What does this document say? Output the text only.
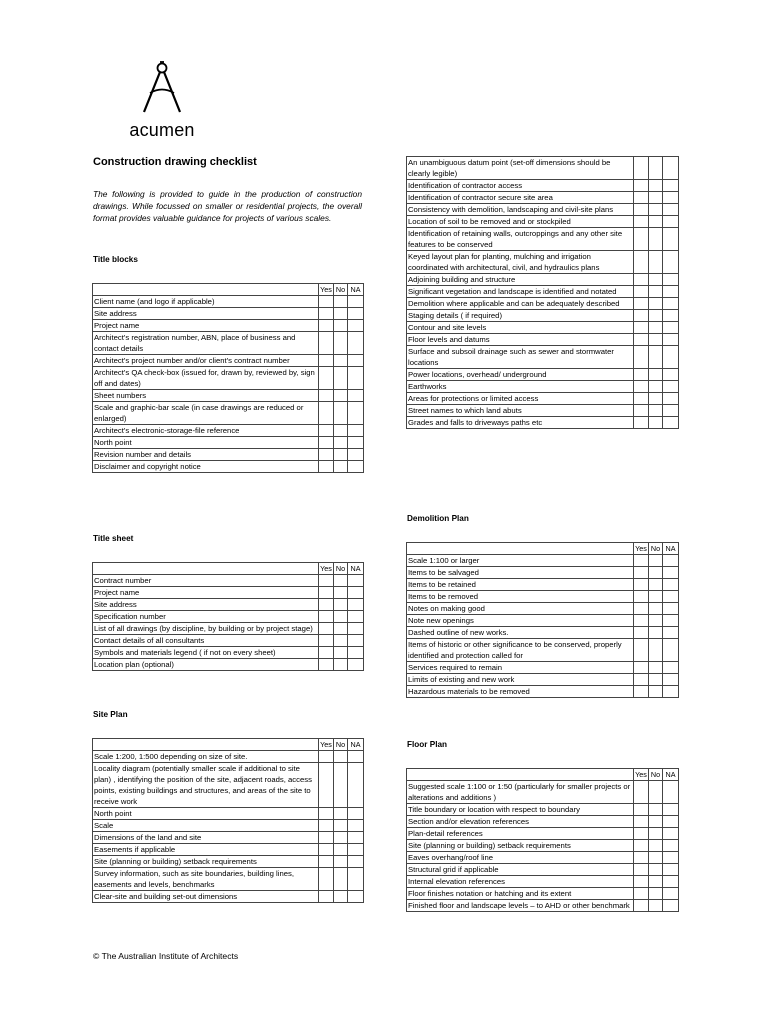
acumen
Construction drawing checklist

The following is provided to guide in the production of construction drawings. While focussed on smaller or residential projects, the overall format provides valuable guidance for projects of various scales.

Title blocks
Title sheet
Site Plan
Demolition Plan
Floor Plan
	Yes	No	NA
Client name (and logo if applicable)			
Site address			
Project name			
Architect's registration number, ABN, place of business and contact details			
Architect's project number and/or client's contract number			
Architect's QA check-box (issued for, drawn by, reviewed by, sign off and dates)			
Sheet numbers			
Scale and graphic-bar scale (in case drawings are reduced or enlarged)			
Architect's electronic-storage-file reference			
North point			
Revision number and details			
Disclaimer and copyright notice			
	Yes	No	NA
Contract number			
Project name			
Site address			
Specification number			
List of all drawings (by discipline, by building or by project stage)			
Contact details of all consultants			
Symbols and materials legend ( if not on every sheet)			
Location plan (optional)			
	Yes	No	NA
Scale 1:200, 1:500 depending on size of site.			
Locality diagram (potentially smaller scale if additional to site plan) , identifying the position of the site, adjacent roads, access points, existing buildings and structures, and areas of the site to receive work			
North point			
Scale			
Dimensions of the land and site			
Easements if applicable			
Site (planning or building) setback requirements			
Survey information, such as site boundaries, building lines, easements and levels, benchmarks			
Clear-site and building set-out dimensions			
An unambiguous datum point (set-off dimensions should be clearly legible)			
Identification of contractor access			
Identification of contractor secure site area			
Consistency with demolition, landscaping and civil-site plans			
Location of soil to be removed and or stockpiled			
Identification of retaining walls, outcroppings and any other site features to be conserved			
Keyed layout plan for planting, mulching and irrigation coordinated with architectural, civil, and hydraulics plans			
Adjoining building and structure			
Significant vegetation and landscape is identified and notated			
Demolition where applicable and can be adequately described			
Staging details ( if required)			
Contour and site levels			
Floor levels and datums			
Surface and subsoil drainage such as sewer and stormwater locations			
Power locations, overhead/ underground			
Earthworks			
Areas for protections or limited access			
Street names to which land abuts			
Grades and falls to driveways paths etc			
	Yes	No	NA
Scale 1:100 or larger			
Items to be salvaged			
Items to be retained			
Items to be removed			
Notes on making good			
Note new openings			
Dashed outline of new works.			
Items of historic or other significance to be conserved, properly identified and protection called for			
Services required to remain			
Limits of existing and new work			
Hazardous materials to be removed			
	Yes	No	NA
Suggested scale 1:100 or 1:50 (particularly for smaller projects or alterations and additions )			
Title boundary or location with respect to boundary			
Section and/or elevation references			
Plan-detail references			
Site (planning or building) setback requirements			
Eaves overhang/roof line			
Structural grid if applicable			
Internal elevation references			
Floor finishes notation or hatching and its extent			
Finished floor and landscape levels – to AHD or other benchmark			
© The Australian Institute of Architects
